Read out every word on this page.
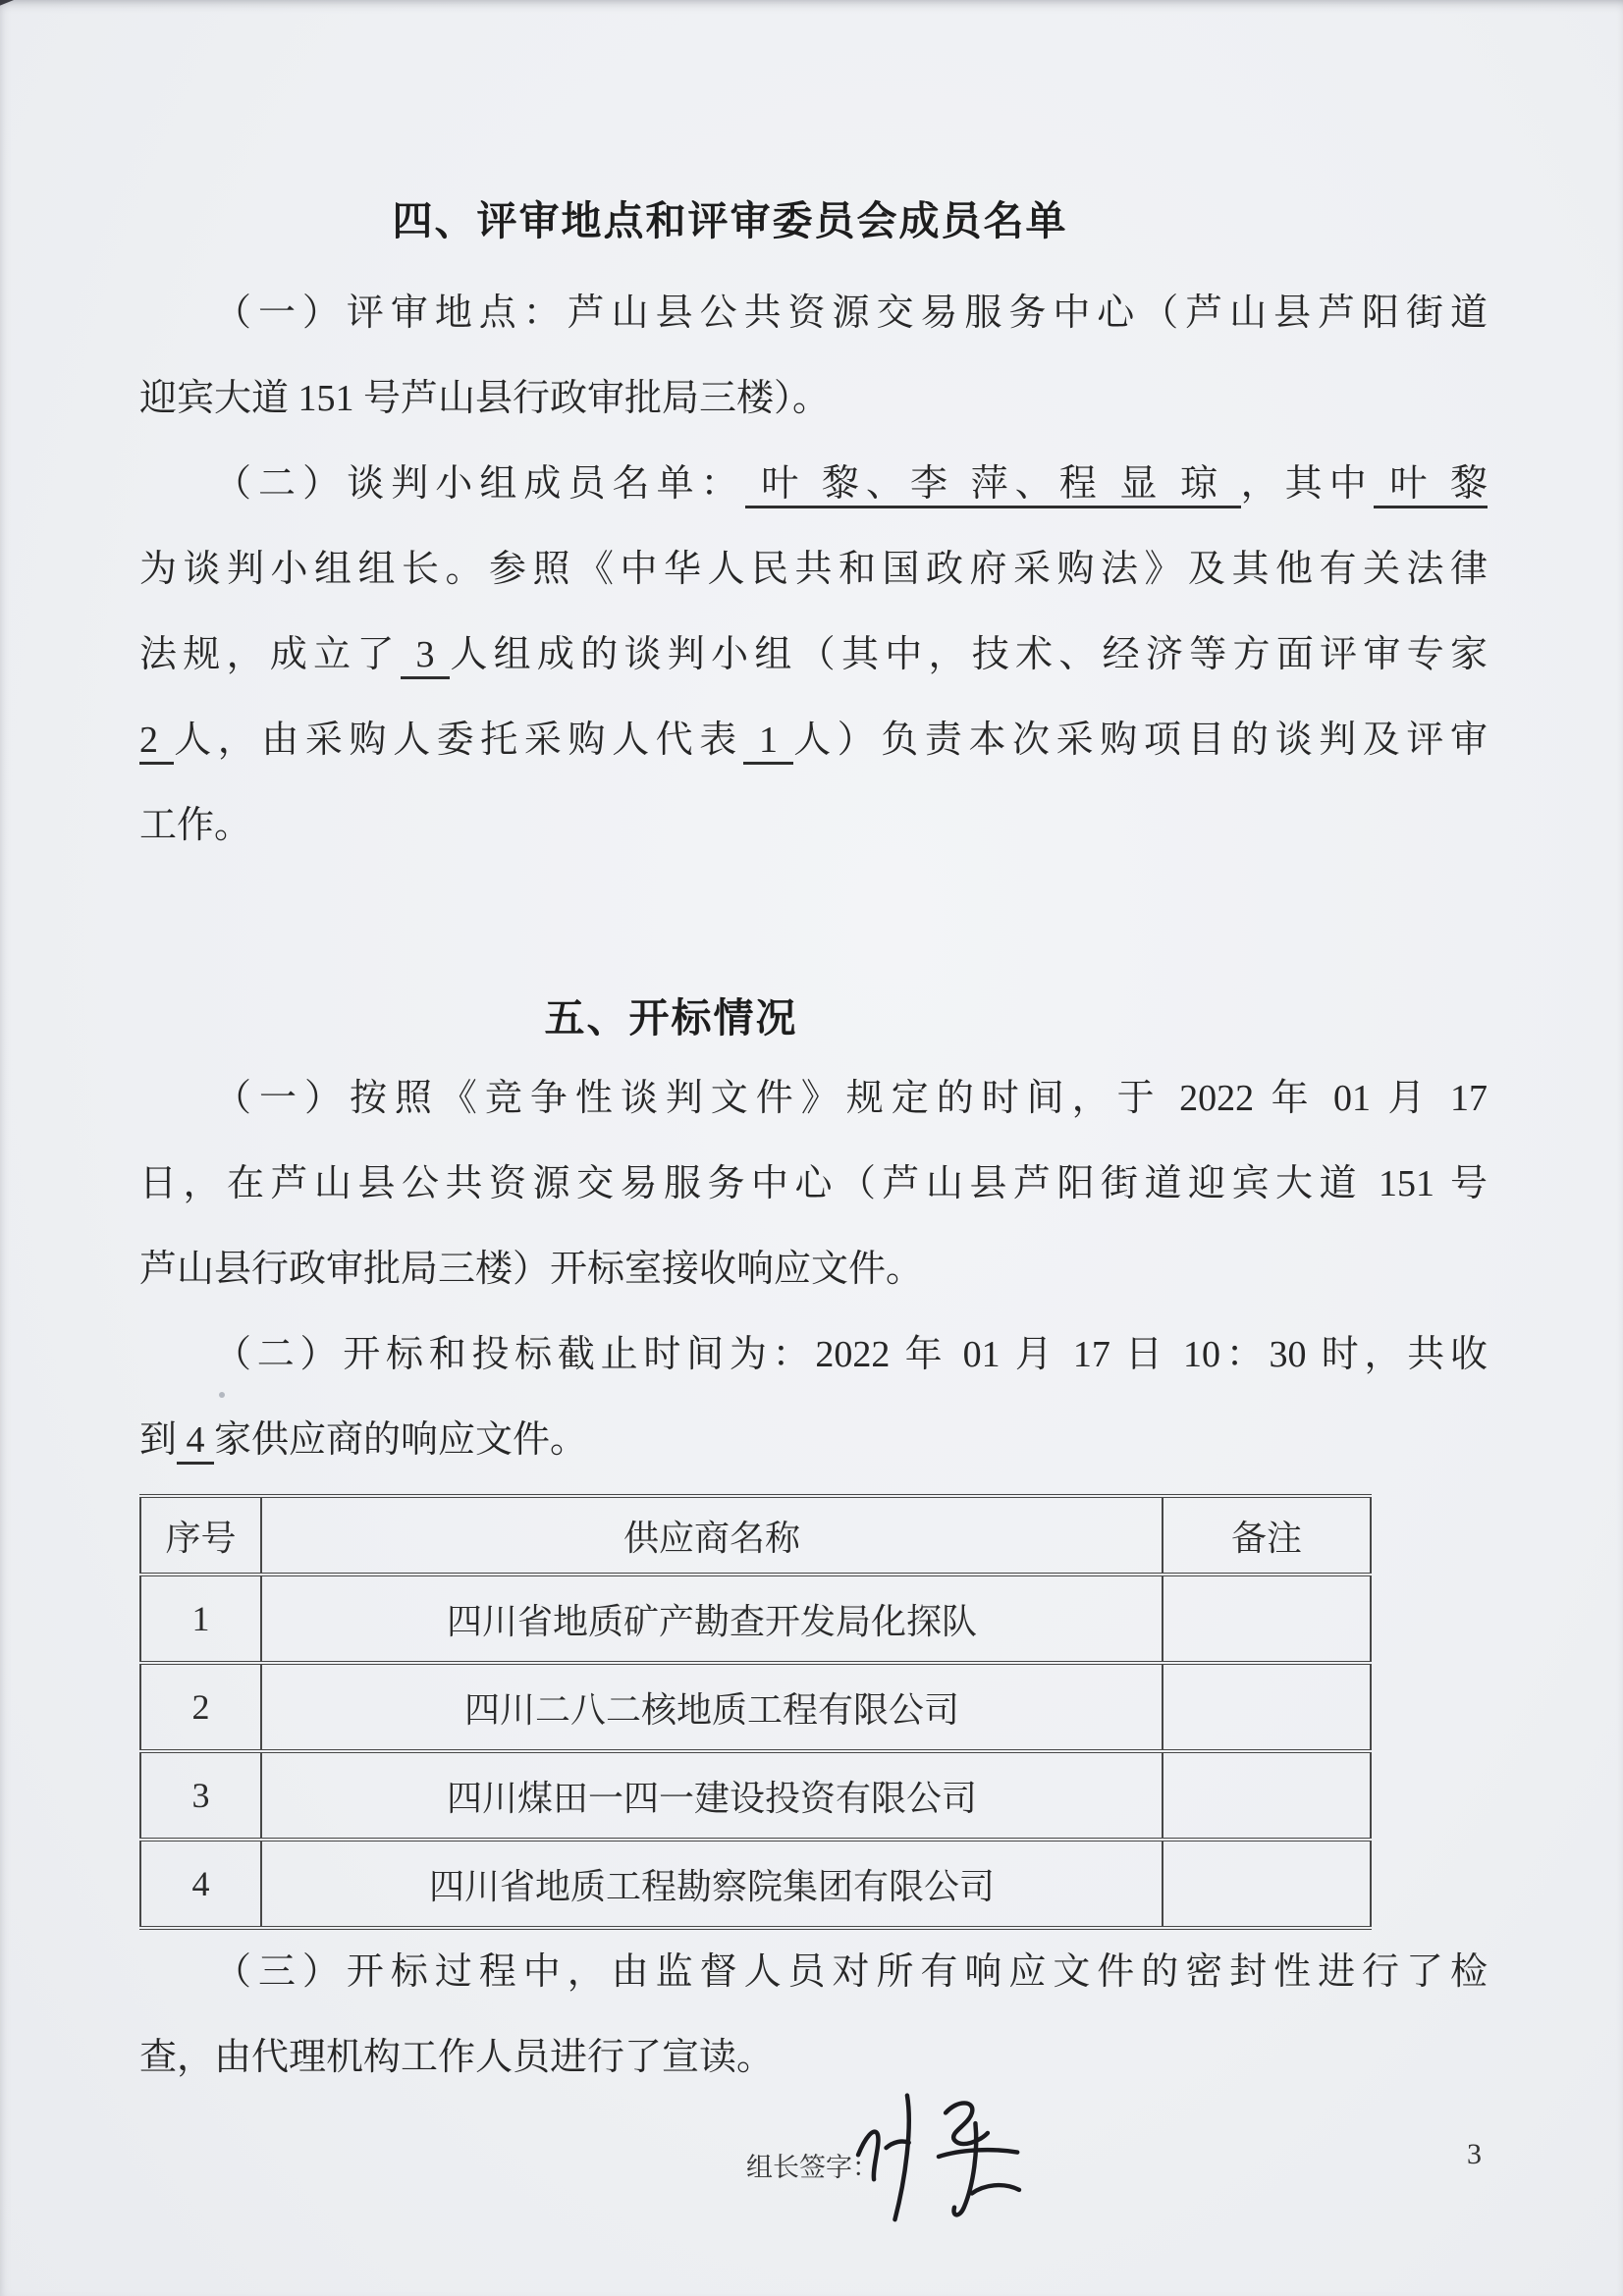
四、评审地点和评审委员会成员名单

（一）评审地点：芦山县公共资源交易服务中心（芦山县芦阳街道

迎宾大道 151 号芦山县行政审批局三楼）。

（二）谈判小组成员名单： 叶 黎、李 萍、程 显 琼 ，其中 叶 黎

为谈判小组组长。参照《中华人民共和国政府采购法》及其他有关法律

法规，成立了 3 人组成的谈判小组（其中，技术、经济等方面评审专家

2 人，由采购人委托采购人代表 1 人）负责本次采购项目的谈判及评审

工作。

五、开标情况

（一）按照《竞争性谈判文件》规定的时间，于 2022 年 01 月 17

日，在芦山县公共资源交易服务中心（芦山县芦阳街道迎宾大道 151 号

芦山县行政审批局三楼）开标室接收响应文件。

（二）开标和投标截止时间为：2022 年 01 月 17 日 10：30 时，共收

到 4 家供应商的响应文件。

序号	供应商名称	备注
1	四川省地质矿产勘查开发局化探队	
2	四川二八二核地质工程有限公司	
3	四川煤田一四一建设投资有限公司	
4	四川省地质工程勘察院集团有限公司	

（三）开标过程中，由监督人员对所有响应文件的密封性进行了检

查，由代理机构工作人员进行了宣读。

组长签字：	3
